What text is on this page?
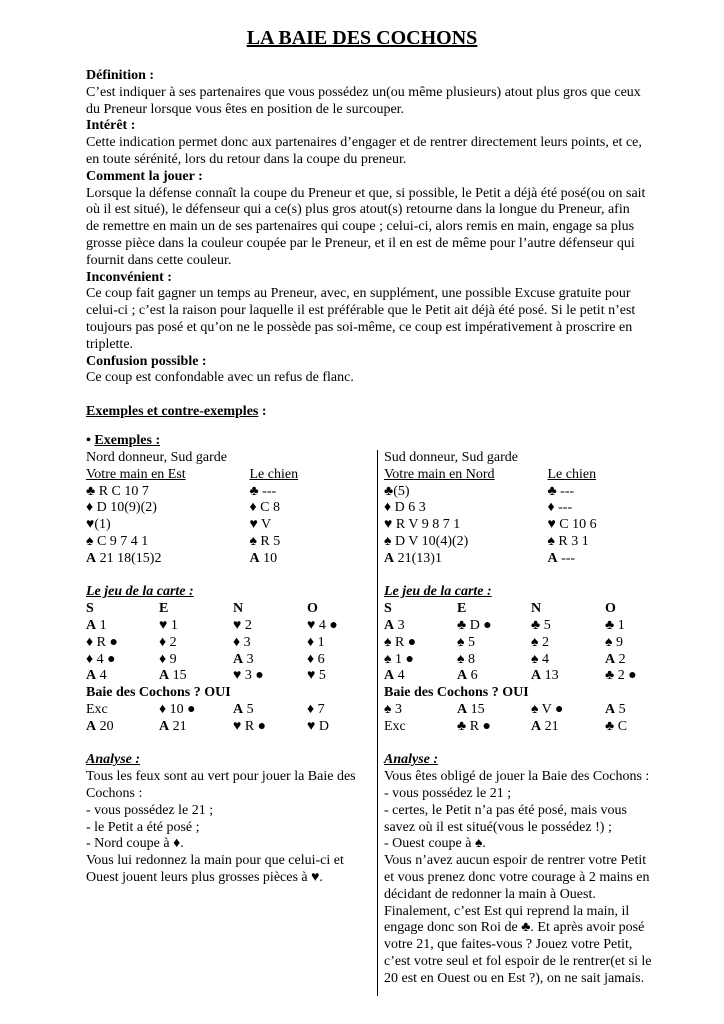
LA BAIE DES COCHONS

Définition :

C’est indiquer à ses partenaires que vous possédez un(ou même plusieurs) atout plus gros que ceux du Preneur lorsque vous êtes en position de le surcouper.

Intérêt :

Cette indication permet donc aux partenaires d’engager et de rentrer directement leurs points, et ce, en toute sérénité, lors du retour dans la coupe du preneur.

Comment la jouer :

Lorsque la défense connaît la coupe du Preneur et que, si possible, le Petit a déjà été posé(ou on sait où il est situé), le défenseur qui a ce(s) plus gros atout(s) retourne dans la longue du Preneur, afin de remettre en main un de ses partenaires qui coupe ; celui-ci, alors remis en main, engage sa plus grosse pièce dans la couleur coupée par le Preneur, et il en est de même pour l’autre défenseur qui fournit dans cette couleur.

Inconvénient :

Ce coup fait gagner un temps au Preneur, avec, en supplément, une possible Excuse gratuite pour celui-ci ; c’est la raison pour laquelle il est préférable que le Petit ait déjà été posé. Si le petit n’est toujours pas posé et qu’on ne le possède pas soi-même, ce coup est impérativement à proscrire en triplette.

Confusion possible :

Ce coup est confondable avec un refus de flanc.

Exemples et contre-exemples :

• Exemples :
Nord donneur, Sud garde
Votre main en Est	Le chien
♣ R C 10 7	♣ ---
♦ D 10(9)(2)	♦ C 8
♥(1)	♥ V
♠ C 9 7 4 1	♠ R 5
A 21 18(15)2	A 10
Le jeu de la carte :
S	E	N	O
A 1	♥ 1	♥ 2	♥ 4 ●
♦ R ●	♦ 2	♦ 3	♦ 1
♦ 4 ●	♦ 9	A 3	♦ 6
A 4	A 15	♥ 3 ●	♥ 5
Baie des Cochons ? OUI
Exc	♦ 10 ●	A 5	♦ 7
A 20	A 21	♥ R ●	♥ D
Analyse :

Tous les feux sont au vert pour jouer la Baie des

Cochons :

- vous possédez le 21 ;

- le Petit a été posé ;

- Nord coupe à ♦.

Vous lui redonnez la main pour que celui-ci et

Ouest jouent leurs plus grosses pièces à ♥.

Sud donneur, Sud garde
Votre main en Nord	Le chien
♣(5)	♣ ---
♦ D 6 3	♦ ---
♥ R V 9 8 7 1	♥ C 10 6
♠ D V 10(4)(2)	♠ R 3 1
A 21(13)1	A ---
Le jeu de la carte :
S	E	N	O
A 3	♣ D ●	♣ 5	♣ 1
♠ R ●	♠ 5	♠ 2	♠ 9
♠ 1 ●	♠ 8	♠ 4	A 2
A 4	A 6	A 13	♣ 2 ●
Baie des Cochons ? OUI
♠ 3	A 15	♠ V ●	A 5
Exc	♣ R ●	A 21	♣ C
Analyse :

Vous êtes obligé de jouer la Baie des Cochons :

- vous possédez le 21 ;

- certes, le Petit n’a pas été posé, mais vous

savez où il est situé(vous le possédez !) ;

- Ouest coupe à ♠.

Vous n’avez aucun espoir de rentrer votre Petit

et vous prenez donc votre courage à 2 mains en

décidant de redonner la main à Ouest.

Finalement, c’est Est qui reprend la main, il

engage donc son Roi de ♣. Et après avoir posé

votre 21, que faites-vous ? Jouez votre Petit,

c’est votre seul et fol espoir de le rentrer(et si le

20 est en Ouest ou en Est ?), on ne sait jamais.
